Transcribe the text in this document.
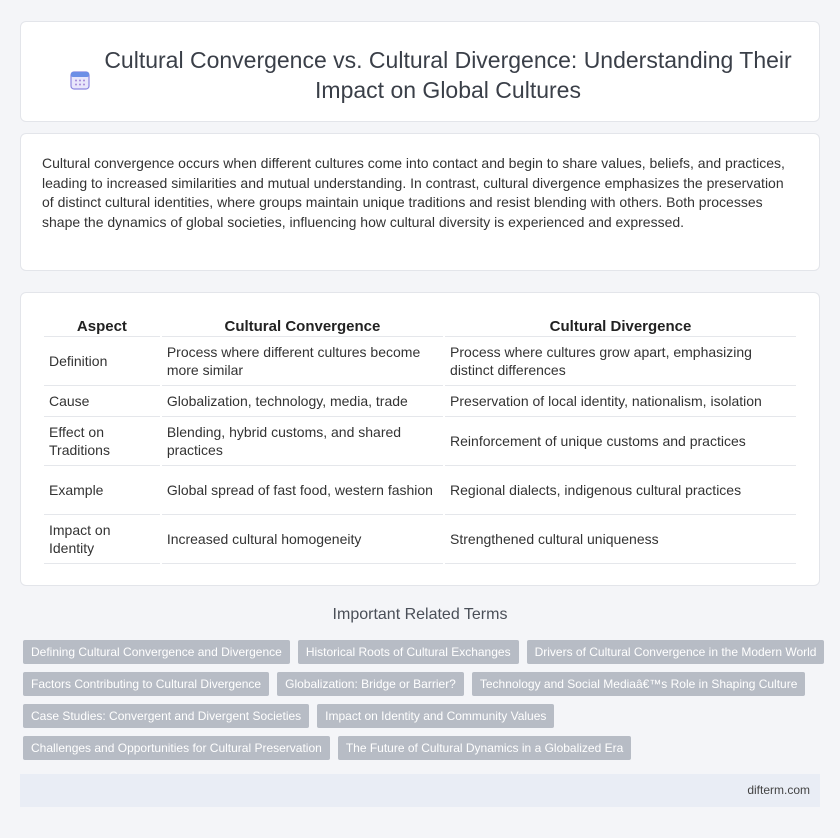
Cultural Convergence vs. Cultural Divergence: Understanding Their Impact on Global Cultures

Cultural convergence occurs when different cultures come into contact and begin to share values, beliefs, and practices, leading to increased similarities and mutual understanding. In contrast, cultural divergence emphasizes the preservation of distinct cultural identities, where groups maintain unique traditions and resist blending with others. Both processes shape the dynamics of global societies, influencing how cultural diversity is experienced and expressed.

Aspect	Cultural Convergence	Cultural Divergence
Definition	Process where different cultures become more similar	Process where cultures grow apart, emphasizing distinct differences
Cause	Globalization, technology, media, trade	Preservation of local identity, nationalism, isolation
Effect on Traditions	Blending, hybrid customs, and shared practices	Reinforcement of unique customs and practices
Example	Global spread of fast food, western fashion	Regional dialects, indigenous cultural practices
Impact on Identity	Increased cultural homogeneity	Strengthened cultural uniqueness
Important Related Terms
Defining Cultural Convergence and Divergence	Historical Roots of Cultural Exchanges	Drivers of Cultural Convergence in the Modern World
Factors Contributing to Cultural Divergence	Globalization: Bridge or Barrier?	Technology and Social Mediaâ€™s Role in Shaping Culture
Case Studies: Convergent and Divergent Societies	Impact on Identity and Community Values
Challenges and Opportunities for Cultural Preservation	The Future of Cultural Dynamics in a Globalized Era
difterm.com
